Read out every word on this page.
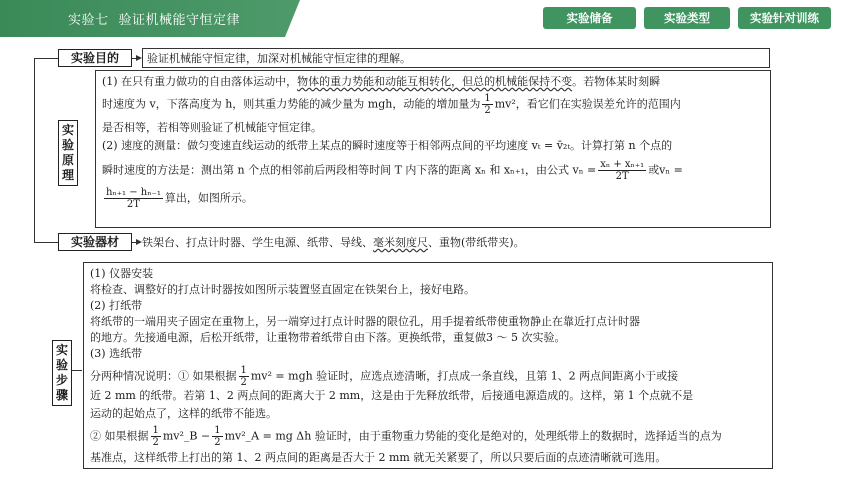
实验七 验证机械能守恒定律	实验储备	实验类型	实验针对训练
实验目的	验证机械能守恒定律，加深对机械能守恒定律的理解。
实验原理
(1) 在只有重力做功的自由落体运动中，物体的重力势能和动能互相转化，但总的机械能保持不变。若物体某时刻瞬
时速度为 v，下落高度为 h，则其重力势能的减少量为 mgh，动能的增加量为 $\frac{1}{2} mv^2$，看它们在实验误差允许的范围内
是否相等，若相等则验证了机械能守恒定律。
(2) 速度的测量：做匀变速直线运动的纸带上某点的瞬时速度等于相邻两点间的平均速度 vₜ = v̄₂ₜ。计算打第 n 个点的
瞬时速度的方法是：测出第 n 个点的相邻前后两段相等时间 T 内下落的距离 xₙ 和 xₙ₊₁，由公式 $v_n = \frac{\text{xₙ + xₙ₊₁}}{2T}$ 或vₙ =
$\frac{\text{hₙ₊₁ − hₙ₋₁}}{2T}$ 算出，如图所示。
实验器材	铁架台、打点计时器、学生电源、纸带、导线、毫米刻度尺、重物(带纸带夹)。
实验步骤
(1) 仪器安装
将检查、调整好的打点计时器按如图所示装置竖直固定在铁架台上，接好电路。
(2) 打纸带
将纸带的一端用夹子固定在重物上，另一端穿过打点计时器的限位孔，用手提着纸带使重物静止在靠近打点计时器
的地方。先接通电源，后松开纸带，让重物带着纸带自由下落。更换纸带，重复做3 ～ 5 次实验。
(3) 选纸带
分两种情况说明：① 如果根据 $\frac{1}{2} mv^2$ = mgh 验证时，应选点迹清晰，打点成一条直线，且第 1、2 两点间距离小于或接
近 2 mm 的纸带。若第 1、2 两点间的距离大于 2 mm，这是由于先释放纸带，后接通电源造成的。这样，第 1 个点就不是
运动的起始点了，这样的纸带不能选。
② 如果根据 $\frac{1}{2}$ mv²_B − $\frac{1}{2}$ mv²_A = mg Δh 验证时，由于重物重力势能的变化是绝对的，处理纸带上的数据时，选择适当的点为
基准点，这样纸带上打出的第 1、2 两点间的距离是否大于 2 mm 就无关紧要了，所以只要后面的点迹清晰就可选用。
